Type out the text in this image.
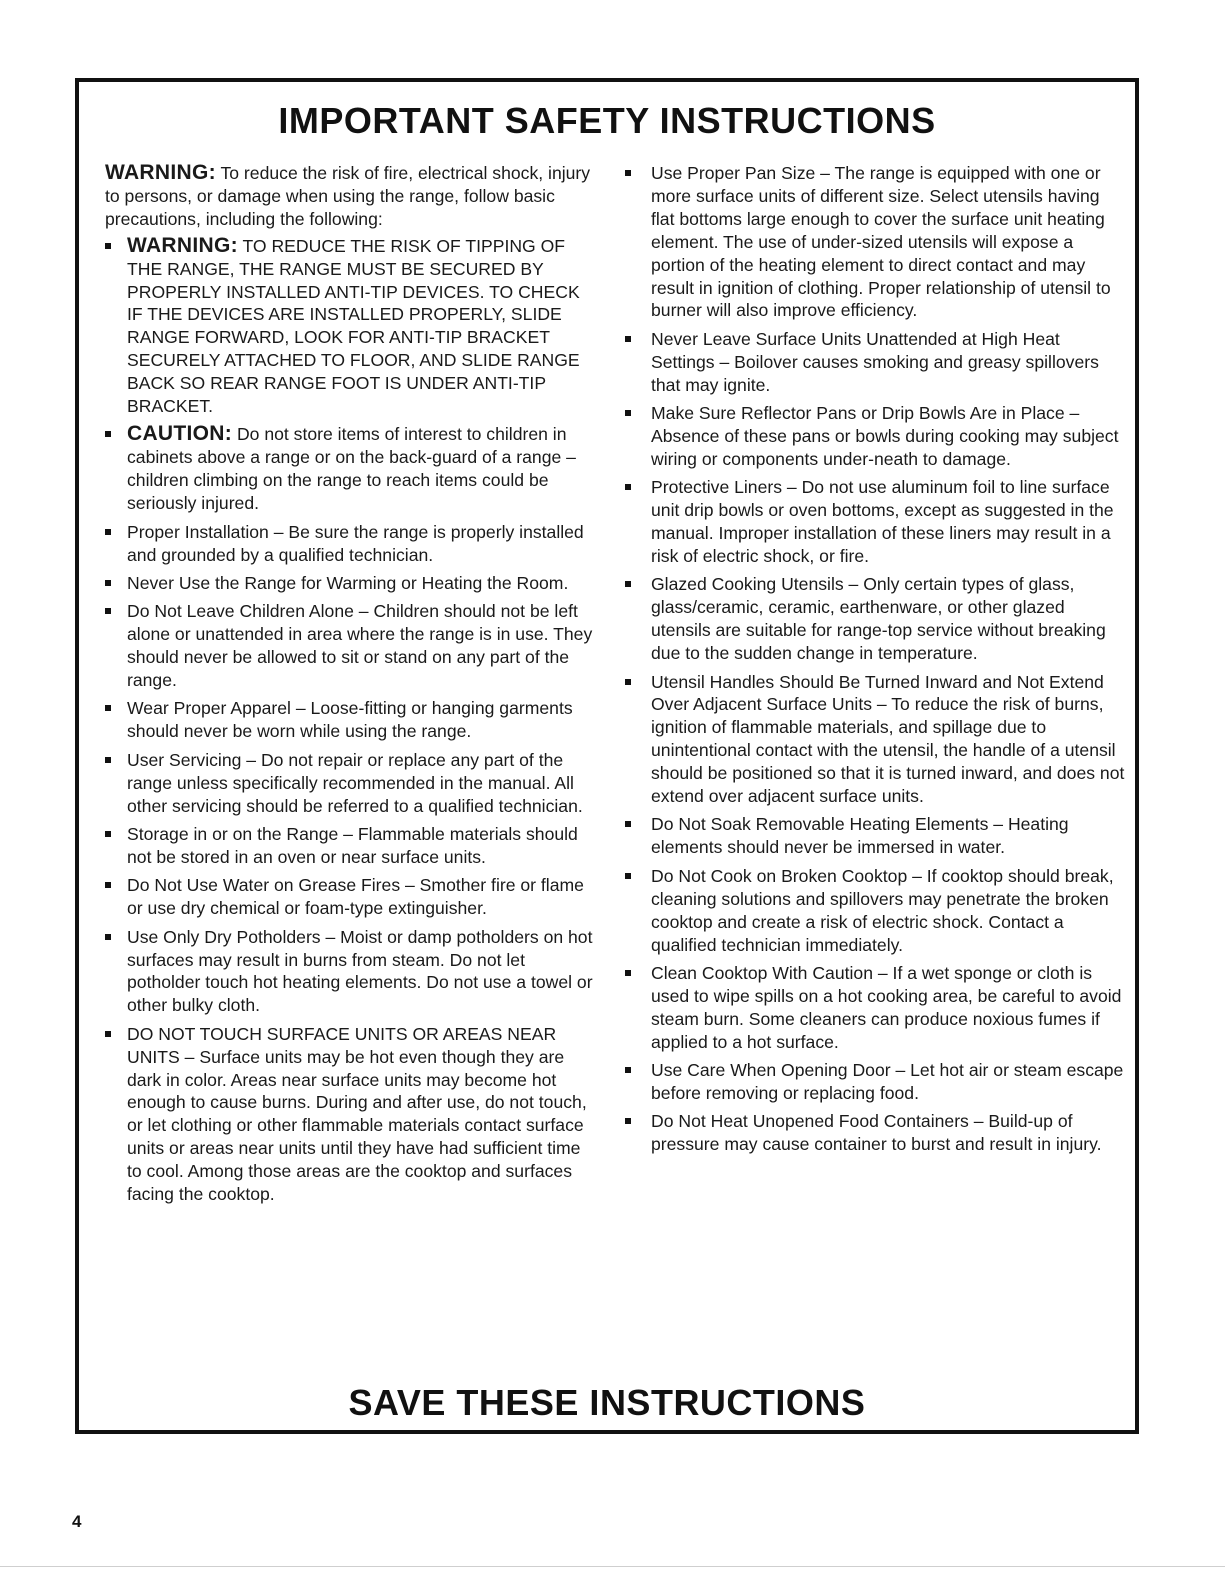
IMPORTANT SAFETY INSTRUCTIONS

WARNING: To reduce the risk of fire, electrical shock, injury to persons, or damage when using the range, follow basic precautions, including the following:

WARNING: TO REDUCE THE RISK OF TIPPING OF THE RANGE, THE RANGE MUST BE SECURED BY PROPERLY INSTALLED ANTI-TIP DEVICES. TO CHECK IF THE DEVICES ARE INSTALLED PROPERLY, SLIDE RANGE FORWARD, LOOK FOR ANTI-TIP BRACKET SECURELY ATTACHED TO FLOOR, AND SLIDE RANGE BACK SO REAR RANGE FOOT IS UNDER ANTI-TIP BRACKET.
CAUTION: Do not store items of interest to children in cabinets above a range or on the back-guard of a range – children climbing on the range to reach items could be seriously injured.
Proper Installation – Be sure the range is properly installed and grounded by a qualified technician.
Never Use the Range for Warming or Heating the Room.
Do Not Leave Children Alone – Children should not be left alone or unattended in area where the range is in use. They should never be allowed to sit or stand on any part of the range.
Wear Proper Apparel – Loose-fitting or hanging garments should never be worn while using the range.
User Servicing – Do not repair or replace any part of the range unless specifically recommended in the manual. All other servicing should be referred to a qualified technician.
Storage in or on the Range – Flammable materials should not be stored in an oven or near surface units.
Do Not Use Water on Grease Fires – Smother fire or flame or use dry chemical or foam-type extinguisher.
Use Only Dry Potholders – Moist or damp potholders on hot surfaces may result in burns from steam. Do not let potholder touch hot heating elements. Do not use a towel or other bulky cloth.
DO NOT TOUCH SURFACE UNITS OR AREAS NEAR UNITS – Surface units may be hot even though they are dark in color. Areas near surface units may become hot enough to cause burns. During and after use, do not touch, or let clothing or other flammable materials contact surface units or areas near units until they have had sufficient time to cool. Among those areas are the cooktop and surfaces facing the cooktop.
Use Proper Pan Size – The range is equipped with one or more surface units of different size. Select utensils having flat bottoms large enough to cover the surface unit heating element. The use of under-sized utensils will expose a portion of the heating element to direct contact and may result in ignition of clothing. Proper relationship of utensil to burner will also improve efficiency.
Never Leave Surface Units Unattended at High Heat Settings – Boilover causes smoking and greasy spillovers that may ignite.
Make Sure Reflector Pans or Drip Bowls Are in Place – Absence of these pans or bowls during cooking may subject wiring or components under-neath to damage.
Protective Liners – Do not use aluminum foil to line surface unit drip bowls or oven bottoms, except as suggested in the manual. Improper installation of these liners may result in a risk of electric shock, or fire.
Glazed Cooking Utensils – Only certain types of glass, glass/ceramic, ceramic, earthenware, or other glazed utensils are suitable for range-top service without breaking due to the sudden change in temperature.
Utensil Handles Should Be Turned Inward and Not Extend Over Adjacent Surface Units – To reduce the risk of burns, ignition of flammable materials, and spillage due to unintentional contact with the utensil, the handle of a utensil should be positioned so that it is turned inward, and does not extend over adjacent surface units.
Do Not Soak Removable Heating Elements – Heating elements should never be immersed in water.
Do Not Cook on Broken Cooktop – If cooktop should break, cleaning solutions and spillovers may penetrate the broken cooktop and create a risk of electric shock. Contact a qualified technician immediately.
Clean Cooktop With Caution – If a wet sponge or cloth is used to wipe spills on a hot cooking area, be careful to avoid steam burn. Some cleaners can produce noxious fumes if applied to a hot surface.
Use Care When Opening Door – Let hot air or steam escape before removing or replacing food.
Do Not Heat Unopened Food Containers – Build-up of pressure may cause container to burst and result in injury.
SAVE THESE INSTRUCTIONS
4
